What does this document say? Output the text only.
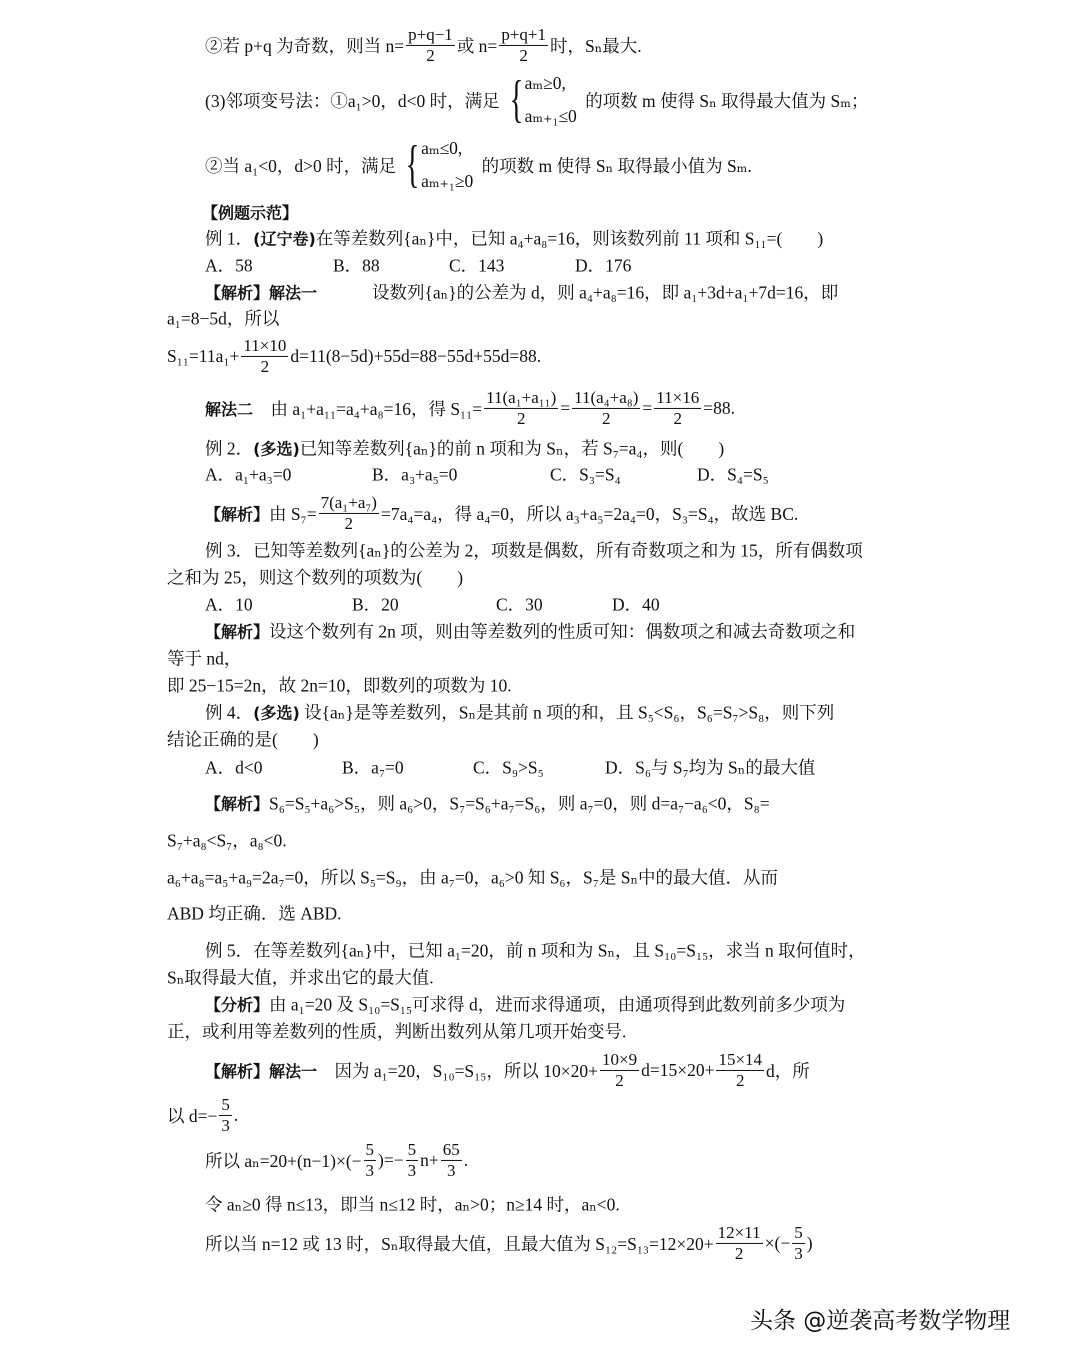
②若 p+q 为奇数，则当 $n= \frac{p+q-1}{2}$ 或 $n= \frac{p+q+1}{2}$ 时，Sₙ最大.
(3)邻项变号法：①a₁>0，d<0 时，满足 { aₘ≥0,
aₘ₊₁≤0
的项数 m 使得 Sₙ 取得最大值为 Sₘ；
②当 a₁<0，d>0 时，满足 { aₘ≤0,
aₘ₊₁≥0
的项数 m 使得 Sₙ 取得最小值为 Sₘ.
【例题示范】
例 1． (辽宁卷) 在等差数列{aₙ}中，已知 a₄+a₈=16，则该数列前 11 项和 S₁₁=(　　)
设数列{aₙ}的公差为 d，则 a₄+a₈=16，即 a₁+3d+a₁+7d=16，即
a₁=8−5d，所以
$S_{11}=11a_1+ \frac{11\times 10}{2} d=11(8-5d)+55d=88-55d+55d=88$.
解法二 　由 a₁+a₁₁=a₄+a₈=16，得 $S_{11}= \frac{\text{11(a₁+a₁₁)}}{2} = \frac{\text{11(a₄+a₈)}}{2} = \frac{11\times 16}{2} =88$.
例 2． (多选) 已知等差数列{aₙ}的前 n 项和为 Sₙ，若 S₇=a₄，则(　　)
【解析】 由 $S_7= \frac{\text{7(a₁+a₇)}}{2} =7a_4=a_4$，得 a₄=0，所以 a₃+a₅=2a₄=0，S₃=S₄，故选 BC.
例 3．已知等差数列{aₙ}的公差为 2，项数是偶数，所有奇数项之和为 15，所有偶数项
之和为 25，则这个数列的项数为(　　)
【解析】 设这个数列有 2n 项，则由等差数列的性质可知：偶数项之和减去奇数项之和
等于 nd，
即 25−15=2n，故 2n=10，即数列的项数为 10.
例 4． (多选) 设{aₙ}是等差数列，Sₙ是其前 n 项的和，且 S₅<S₆，S₆=S₇>S₈，则下列
结论正确的是(　　)
【解析】 S₆=S₅+a₆>S₅，则 a₆>0，S₇=S₆+a₇=S₆，则 a₇=0，则 d=a₇−a₆<0，S₈=
S₇+a₈<S₇，a₈<0.
a₆+a₈=a₅+a₉=2a₇=0，所以 S₅=S₉，由 a₇=0，a₆>0 知 S₆，S₇是 Sₙ中的最大值．从而
ABD 均正确．选 ABD.
例 5．在等差数列{aₙ}中，已知 a₁=20，前 n 项和为 Sₙ，且 S₁₀=S₁₅，求当 n 取何值时，
Sₙ取得最大值，并求出它的最大值.
【分析】 由 a₁=20 及 S₁₀=S₁₅可求得 d，进而求得通项，由通项得到此数列前多少项为
正，或利用等差数列的性质，判断出数列从第几项开始变号.
【解析】解法一 　因为 a₁=20，S₁₀=S₁₅，所以 $10\times 20+ \frac{10\times 9}{2} d=15\times 20+ \frac{15\times 14}{2}$ d，所
以 $d=- \frac{5}{3}$ .
所以 $a_n=20+(n-1)\times(- \frac{5}{3}$ )=− $\frac{5}{3} n+ \frac{65}{3}$ .
令 aₙ≥0 得 n≤13，即当 n≤12 时，aₙ>0；n≥14 时，aₙ<0.
所以当 n=12 或 13 时，Sₙ取得最大值，且最大值为 $S_{12}=S_{13}=12\times 20+ \frac{12\times 11}{2}$ ×(− $\frac{5}{3}$ )
【解析】解法一
A．58	B．88	C．143	D．176
A．a₁+a₃=0	B．a₃+a₅=0	C．S₃=S₄	D．S₄=S₅
A．10	B．20	C．30	D．40
A．d<0	B．a₇=0	C．S₉>S₅	D．S₆与 S₇均为 Sₙ的最大值
头条 @逆袭高考数学物理
